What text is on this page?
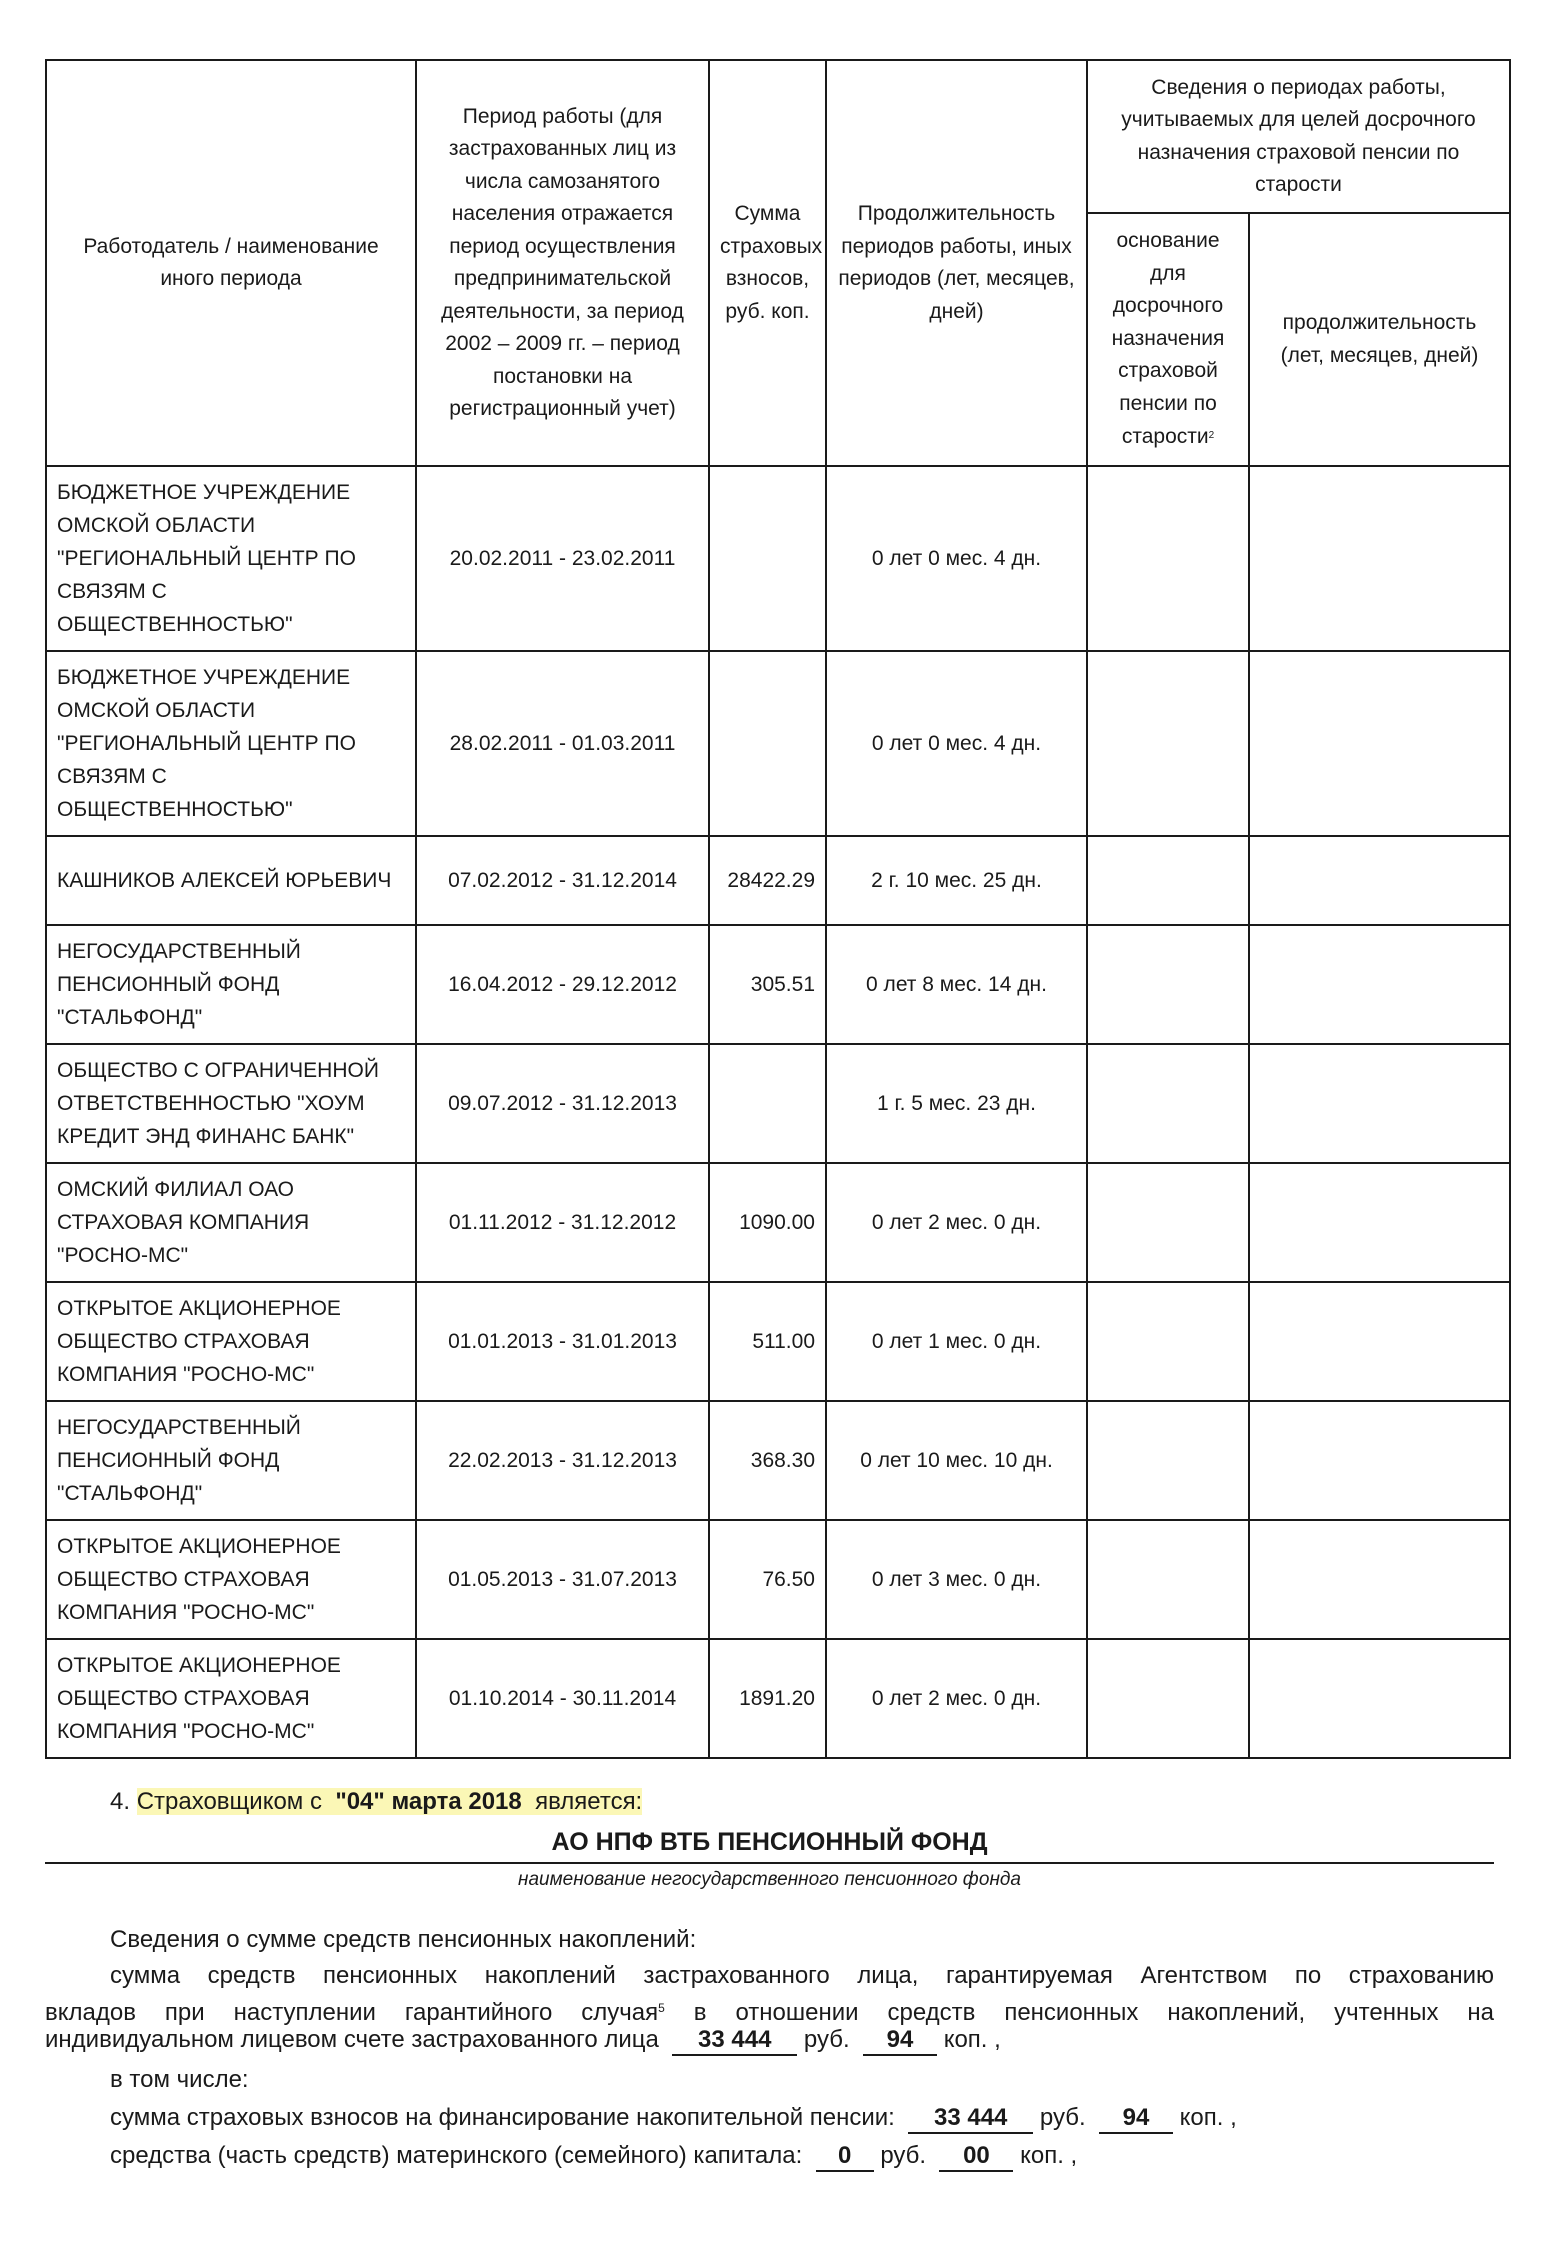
Работодатель / наименование иного периода	Период работы (для застрахованных лиц из числа самозанятого населения отражается период осуществления предпринимательской деятельности, за период 2002 – 2009 гг. – период постановки на регистрационный учет)	Сумма страховых взносов, руб. коп.	Продолжительность периодов работы, иных периодов (лет, месяцев, дней)	Сведения о периодах работы, учитываемых для целей досрочного назначения страховой пенсии по старости	
				основание для досрочного назначения страховой пенсии по старости$^2$	продолжительность (лет, месяцев, дней)
БЮДЖЕТНОЕ УЧРЕЖДЕНИЕ ОМСКОЙ ОБЛАСТИ "РЕГИОНАЛЬНЫЙ ЦЕНТР ПО СВЯЗЯМ С ОБЩЕСТВЕННОСТЬЮ"	20.02.2011 - 23.02.2011		0 лет 0 мес. 4 дн.		
БЮДЖЕТНОЕ УЧРЕЖДЕНИЕ ОМСКОЙ ОБЛАСТИ "РЕГИОНАЛЬНЫЙ ЦЕНТР ПО СВЯЗЯМ С ОБЩЕСТВЕННОСТЬЮ"	28.02.2011 - 01.03.2011		0 лет 0 мес. 4 дн.		
КАШНИКОВ АЛЕКСЕЙ ЮРЬЕВИЧ	07.02.2012 - 31.12.2014	28422.29	2 г. 10 мес. 25 дн.		
НЕГОСУДАРСТВЕННЫЙ ПЕНСИОННЫЙ ФОНД "СТАЛЬФОНД"	16.04.2012 - 29.12.2012	305.51	0 лет 8 мес. 14 дн.		
ОБЩЕСТВО С ОГРАНИЧЕННОЙ ОТВЕТСТВЕННОСТЬЮ "ХОУМ КРЕДИТ ЭНД ФИНАНС БАНК"	09.07.2012 - 31.12.2013		1 г. 5 мес. 23 дн.		
ОМСКИЙ ФИЛИАЛ ОАО СТРАХОВАЯ КОМПАНИЯ "РОСНО-МС"	01.11.2012 - 31.12.2012	1090.00	0 лет 2 мес. 0 дн.		
ОТКРЫТОЕ АКЦИОНЕРНОЕ ОБЩЕСТВО СТРАХОВАЯ КОМПАНИЯ "РОСНО-МС"	01.01.2013 - 31.01.2013	511.00	0 лет 1 мес. 0 дн.		
НЕГОСУДАРСТВЕННЫЙ ПЕНСИОННЫЙ ФОНД "СТАЛЬФОНД"	22.02.2013 - 31.12.2013	368.30	0 лет 10 мес. 10 дн.		
ОТКРЫТОЕ АКЦИОНЕРНОЕ ОБЩЕСТВО СТРАХОВАЯ КОМПАНИЯ "РОСНО-МС"	01.05.2013 - 31.07.2013	76.50	0 лет 3 мес. 0 дн.		
ОТКРЫТОЕ АКЦИОНЕРНОЕ ОБЩЕСТВО СТРАХОВАЯ КОМПАНИЯ "РОСНО-МС"	01.10.2014 - 30.11.2014	1891.20	0 лет 2 мес. 0 дн.		
4. Страховщиком с "04" марта 2018 является:
АО НПФ ВТБ ПЕНСИОННЫЙ ФОНД
наименование негосударственного пенсионного фонда
Сведения о сумме средств пенсионных накоплений:
сумма средств пенсионных накоплений застрахованного лица, гарантируемая Агентством по страхованию
вкладов при наступлении гарантийного случая$^5$ в отношении средств пенсионных накоплений, учтенных на
индивидуальном лицевом счете застрахованного лица 33 444 руб. 94 коп. ,
в том числе:
сумма страховых взносов на финансирование накопительной пенсии: 33 444 руб. 94 коп. ,
средства (часть средств) материнского (семейного) капитала: 0 руб. 00 коп. ,
